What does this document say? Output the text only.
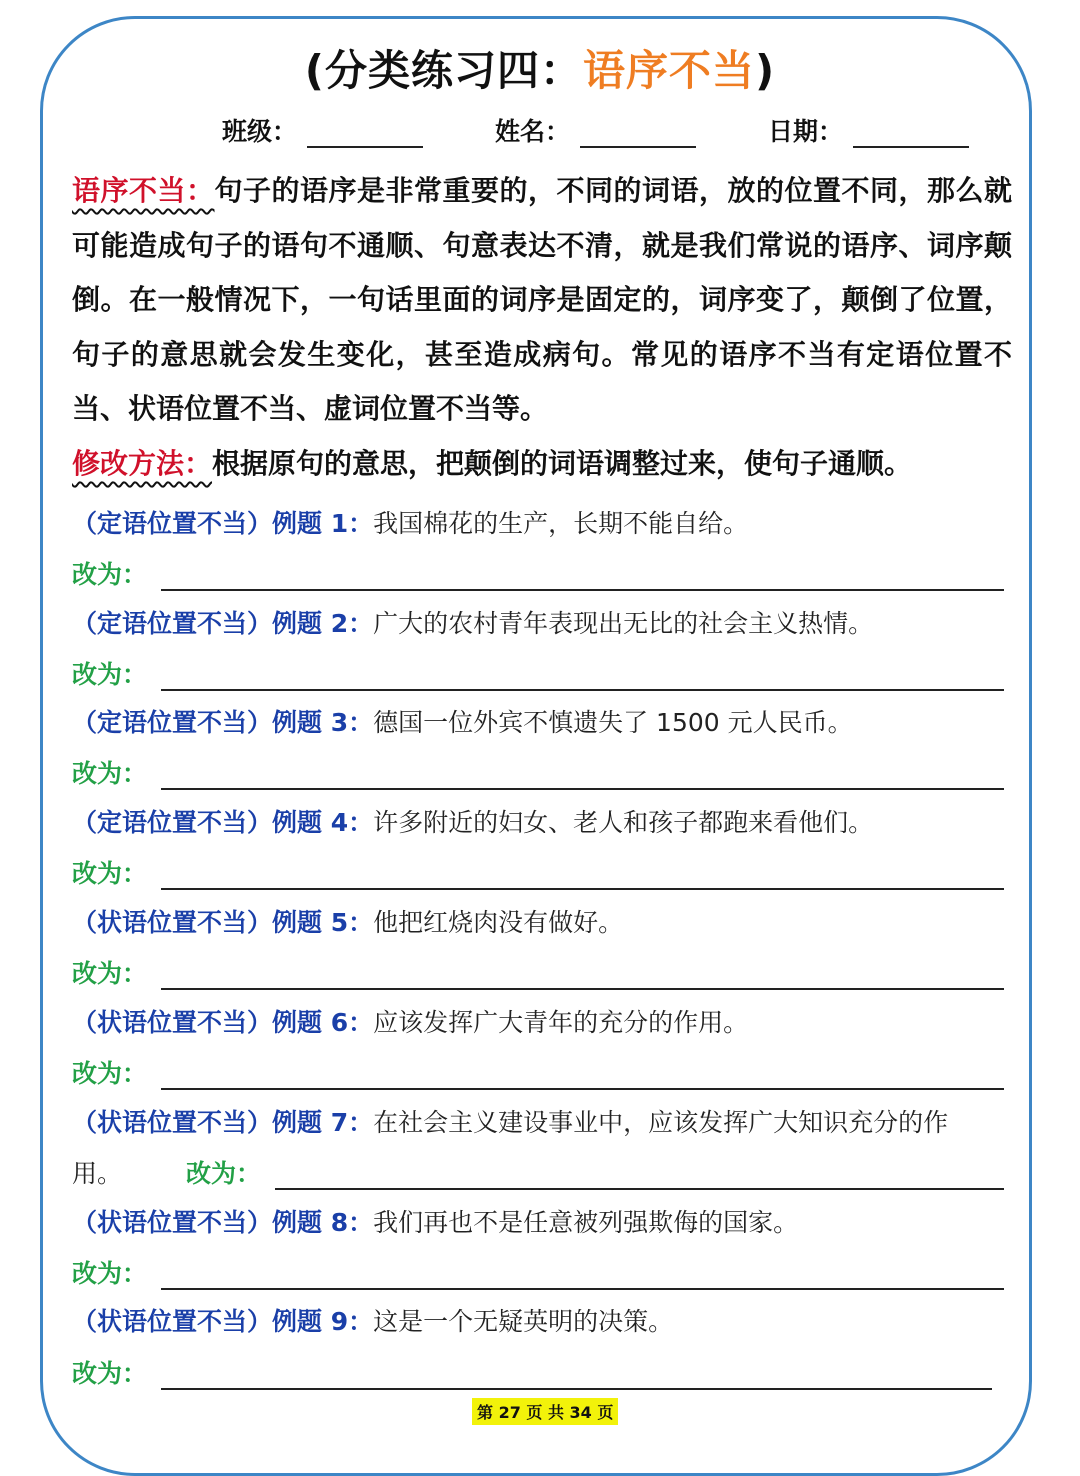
(分类练习四：语序不当)
班级：	姓名：	日期：
语序不当：句子的语序是非常重要的，不同的词语，放的位置不同，那么就可能造成句子的语句不通顺、句意表达不清，就是我们常说的语序、词序颠倒。在一般情况下，一句话里面的词序是固定的，词序变了，颠倒了位置，句子的意思就会发生变化，甚至造成病句。常见的语序不当有定语位置不当、状语位置不当、虚词位置不当等。
修改方法：根据原句的意思，把颠倒的词语调整过来，使句子通顺。
（定语位置不当）例题 1：我国棉花的生产，长期不能自给。
改为：
（定语位置不当）例题 2：广大的农村青年表现出无比的社会主义热情。
改为：
（定语位置不当）例题 3：德国一位外宾不慎遗失了 1500 元人民币。
改为：
（定语位置不当）例题 4：许多附近的妇女、老人和孩子都跑来看他们。
改为：
（状语位置不当）例题 5：他把红烧肉没有做好。
改为：
（状语位置不当）例题 6：应该发挥广大青年的充分的作用。
改为：
（状语位置不当）例题 7：在社会主义建设事业中，应该发挥广大知识充分的作
用。	改为：
（状语位置不当）例题 8：我们再也不是任意被列强欺侮的国家。
改为：
（状语位置不当）例题 9：这是一个无疑英明的决策。
改为：
第 27 页 共 34 页
